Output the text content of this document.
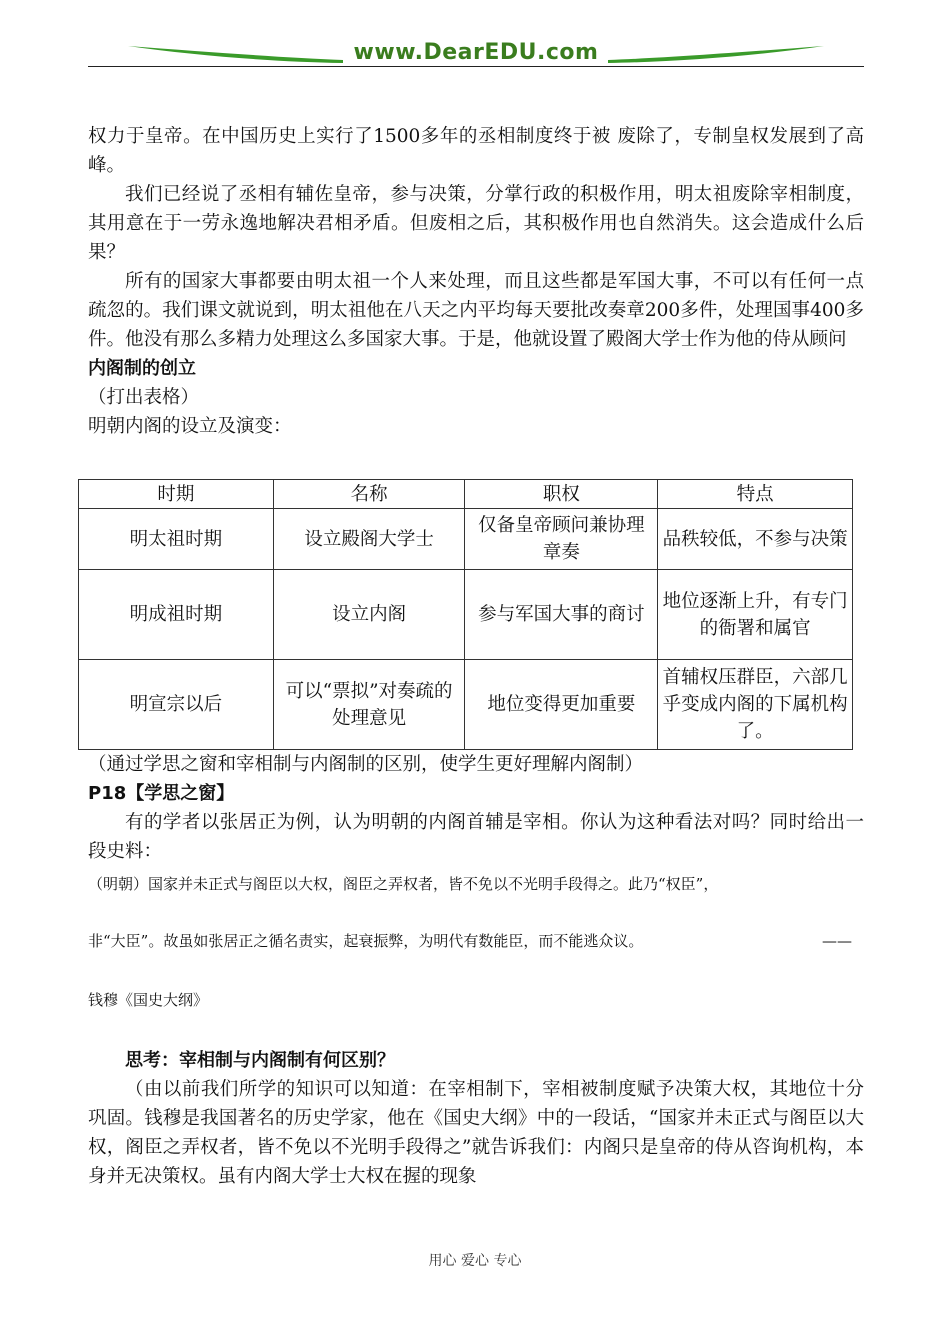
www.DearEDU.com

权力于皇帝。在中国历史上实行了1500多年的丞相制度终于被 废除了，专制皇权发展到了高峰。

我们已经说了丞相有辅佐皇帝，参与决策，分掌行政的积极作用，明太祖废除宰相制度，其用意在于一劳永逸地解决君相矛盾。但废相之后，其积极作用也自然消失。这会造成什么后果？

所有的国家大事都要由明太祖一个人来处理，而且这些都是军国大事，不可以有任何一点疏忽的。我们课文就说到，明太祖他在八天之内平均每天要批改奏章200多件，处理国事400多件。他没有那么多精力处理这么多国家大事。于是，他就设置了殿阁大学士作为他的侍从顾问

内阁制的创立

（打出表格）

明朝内阁的设立及演变：

时期	名称	职权	特点
明太祖时期	设立殿阁大学士	仅备皇帝顾问兼协理章奏	品秩较低，不参与决策
明成祖时期	设立内阁	参与军国大事的商讨	地位逐渐上升，有专门的衙署和属官
明宣宗以后	可以“票拟”对奏疏的处理意见	地位变得更加重要	首辅权压群臣，六部几乎变成内阁的下属机构了。

（通过学思之窗和宰相制与内阁制的区别，使学生更好理解内阁制）

P18【学思之窗】

有的学者以张居正为例，认为明朝的内阁首辅是宰相。你认为这种看法对吗？同时给出一段史料：

（明朝）国家并未正式与阁臣以大权，阁臣之弄权者，皆不免以不光明手段得之。此乃“权臣”，
非“大臣”。故虽如张居正之循名责实，起衰振弊，为明代有数能臣，而不能逃众议。	——
钱穆《国史大纲》

思考：宰相制与内阁制有何区别？

（由以前我们所学的知识可以知道：在宰相制下，宰相被制度赋予决策大权，其地位十分巩固。钱穆是我国著名的历史学家，他在《国史大纲》中的一段话，“国家并未正式与阁臣以大权，阁臣之弄权者，皆不免以不光明手段得之”就告诉我们：内阁只是皇帝的侍从咨询机构，本身并无决策权。虽有内阁大学士大权在握的现象

用心 爱心 专心
